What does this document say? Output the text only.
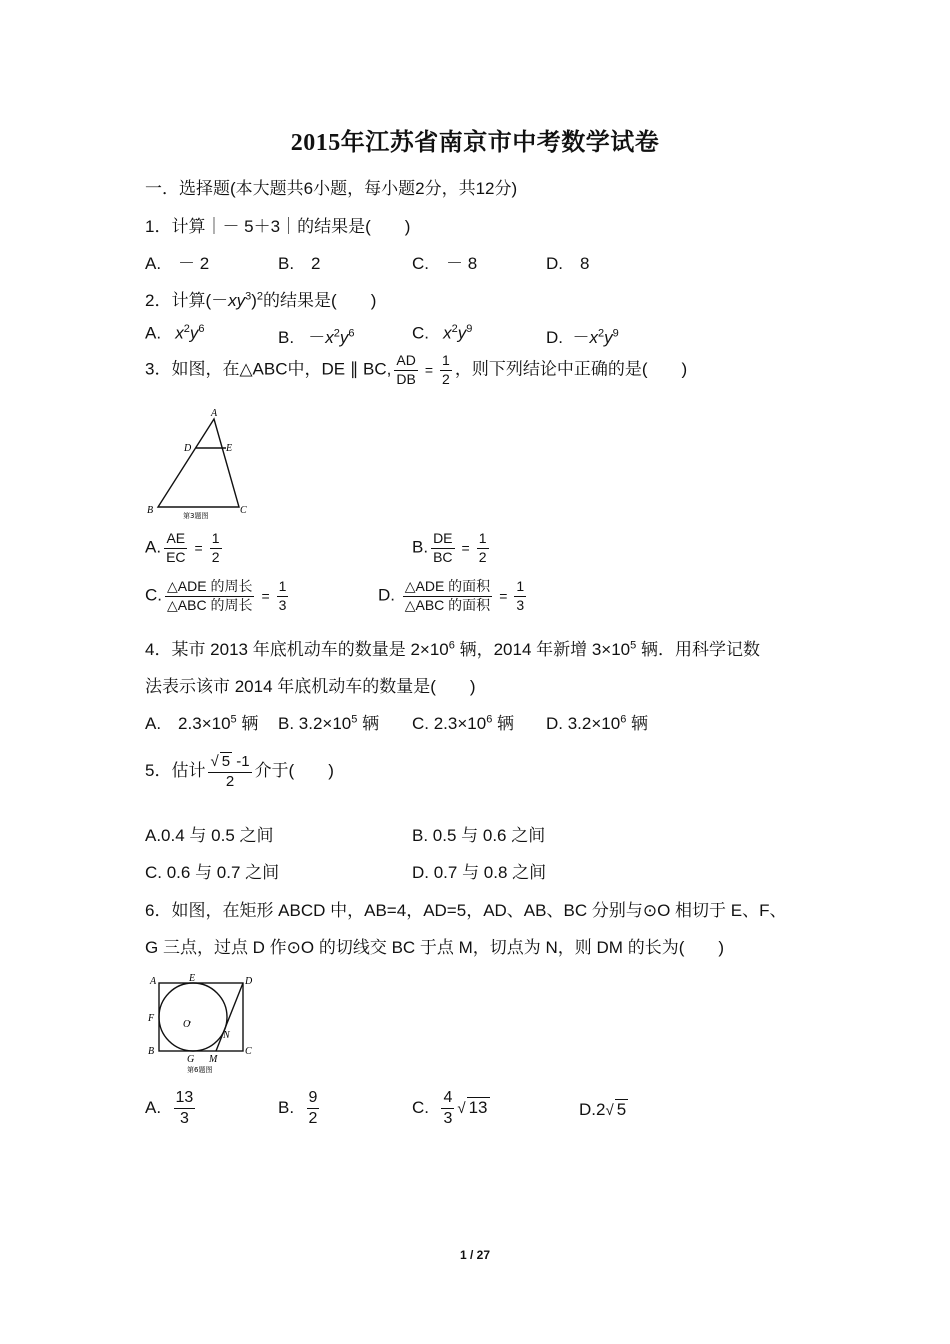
2015年江苏省南京市中考数学试卷
一．选择题(本大题共6小题，每小题2分，共12分)
1．计算｜－ 5＋3｜的结果是(　　)
A.　－ 2	B.　2	C.　－ 8	D.　8
2．计算$(-xy^3)^2$的结果是(　　)
A. $x^2y^6$	B. $-x^2y^6$	C. $x^2y^9$	D. $-x^2y^9$
3．如图，在△ABC中，DE ∥ BC, $\frac{AD}{DB} = \frac{1}{2}$ ，则下列结论中正确的是(　　)
A
D	E
B	C
第3题图
A. $\frac{AE}{EC} = \frac{1}{2}$	B. $\frac{DE}{BC} = \frac{1}{2}$
C. $\frac{\text{△ADE 的周长}}{\text{△ABC 的周长}} = \frac{1}{3}$	D. $\frac{\text{△ADE 的面积}}{\text{△ABC 的面积}} = \frac{1}{3}$
4．某市 2013 年底机动车的数量是 $2\times 10^6$ 辆，2014 年新增 $3\times 10^5$ 辆．用科学记数
法表示该市 2014 年底机动车的数量是(　　)
A.　$2.3\times 10^5$ 辆 B. $3.2\times 10^5$ 辆 C. $2.3\times 10^6$ 辆 D. $3.2\times 10^6$ 辆
5．估计 $\frac{√ 5 -1}{2}$ 介于(　　)
A.0.4 与 0.5 之间	B. 0.5 与 0.6 之间
C. 0.6 与 0.7 之间	D. 0.7 与 0.8 之间
6．如图，在矩形 ABCD 中，AB=4，AD=5，AD、AB、BC 分别与⊙O 相切于 E、F、
G 三点，过点 D 作⊙O 的切线交 BC 于点 M，切点为 N，则 DM 的长为(　　)
A	E	D
F
O
N
B
G M
C
第6题图
A. $\frac{13}{3}$	B. $\frac{9}{2}$	C. $\frac{4}{3}$ √ 13	D.2√ 5
1 / 27
